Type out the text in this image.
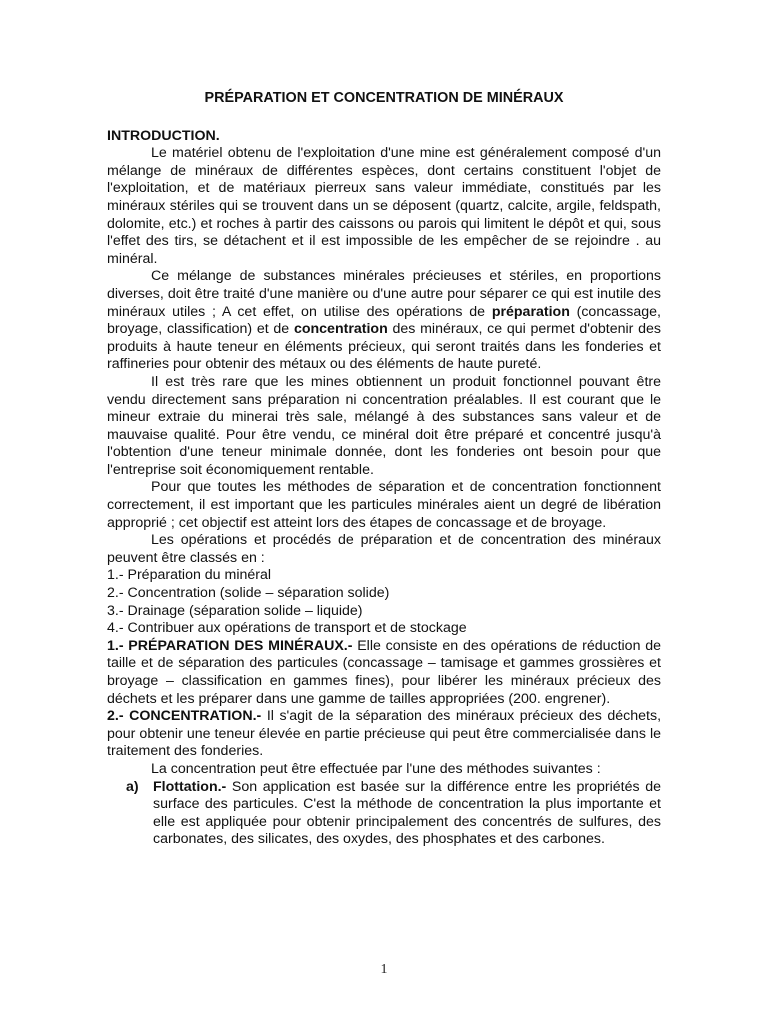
PRÉPARATION ET CONCENTRATION DE MINÉRAUX
INTRODUCTION.

Le matériel obtenu de l'exploitation d'une mine est généralement composé d'un mélange de minéraux de différentes espèces, dont certains constituent l'objet de l'exploitation, et de matériaux pierreux sans valeur immédiate, constitués par les minéraux stériles qui se trouvent dans un se déposent (quartz, calcite, argile, feldspath, dolomite, etc.) et roches à partir des caissons ou parois qui limitent le dépôt et qui, sous l'effet des tirs, se détachent et il est impossible de les empêcher de se rejoindre . au minéral.

Ce mélange de substances minérales précieuses et stériles, en proportions diverses, doit être traité d'une manière ou d'une autre pour séparer ce qui est inutile des minéraux utiles ; A cet effet, on utilise des opérations de préparation (concassage, broyage, classification) et de concentration des minéraux, ce qui permet d'obtenir des produits à haute teneur en éléments précieux, qui seront traités dans les fonderies et raffineries pour obtenir des métaux ou des éléments de haute pureté.

Il est très rare que les mines obtiennent un produit fonctionnel pouvant être vendu directement sans préparation ni concentration préalables. Il est courant que le mineur extraie du minerai très sale, mélangé à des substances sans valeur et de mauvaise qualité. Pour être vendu, ce minéral doit être préparé et concentré jusqu'à l'obtention d'une teneur minimale donnée, dont les fonderies ont besoin pour que l'entreprise soit économiquement rentable.

Pour que toutes les méthodes de séparation et de concentration fonctionnent correctement, il est important que les particules minérales aient un degré de libération approprié ; cet objectif est atteint lors des étapes de concassage et de broyage.

Les opérations et procédés de préparation et de concentration des minéraux peuvent être classés en :

1.- Préparation du minéral
2.- Concentration (solide – séparation solide)
3.- Drainage (séparation solide – liquide)
4.- Contribuer aux opérations de transport et de stockage

1.- PRÉPARATION DES MINÉRAUX.- Elle consiste en des opérations de réduction de taille et de séparation des particules (concassage – tamisage et gammes grossières et broyage – classification en gammes fines), pour libérer les minéraux précieux des déchets et les préparer dans une gamme de tailles appropriées (200. engrener).

2.- CONCENTRATION.- Il s'agit de la séparation des minéraux précieux des déchets, pour obtenir une teneur élevée en partie précieuse qui peut être commercialisée dans le traitement des fonderies.

La concentration peut être effectuée par l'une des méthodes suivantes :

a)	Flottation.- Son application est basée sur la différence entre les propriétés de surface des particules. C'est la méthode de concentration la plus importante et elle est appliquée pour obtenir principalement des concentrés de sulfures, des carbonates, des silicates, des oxydes, des phosphates et des carbones.
1
